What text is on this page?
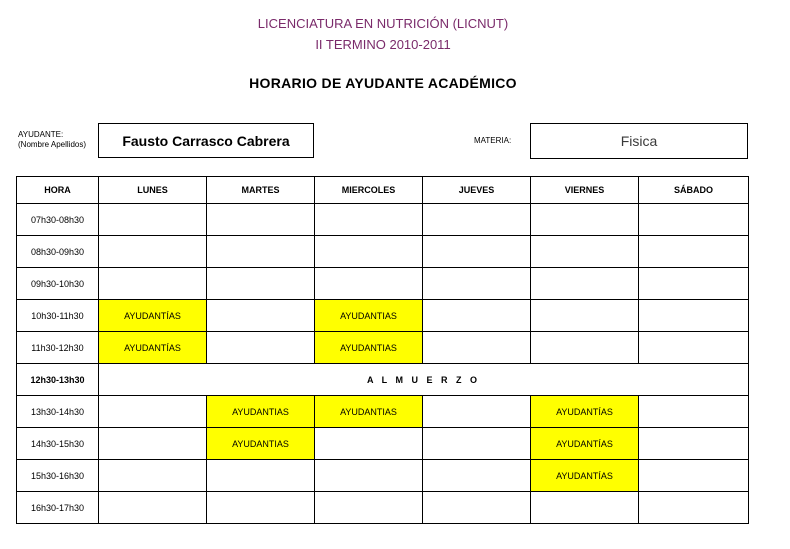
LICENCIATURA EN NUTRICIÓN (LICNUT)
II TERMINO 2010-2011
HORARIO DE AYUDANTE ACADÉMICO
AYUDANTE:
(Nombre Apellidos)	Fausto Carrasco Cabrera	MATERIA:	Fisica
HORA	LUNES	MARTES	MIERCOLES	JUEVES	VIERNES	SÁBADO
07h30-08h30						
08h30-09h30						
09h30-10h30						
10h30-11h30	AYUDANTÍAS		AYUDANTIAS			
11h30-12h30	AYUDANTÍAS		AYUDANTIAS			
12h30-13h30	A L M U E R Z O					
13h30-14h30		AYUDANTIAS	AYUDANTIAS		AYUDANTÍAS	
14h30-15h30		AYUDANTIAS			AYUDANTÍAS	
15h30-16h30					AYUDANTÍAS	
16h30-17h30						
